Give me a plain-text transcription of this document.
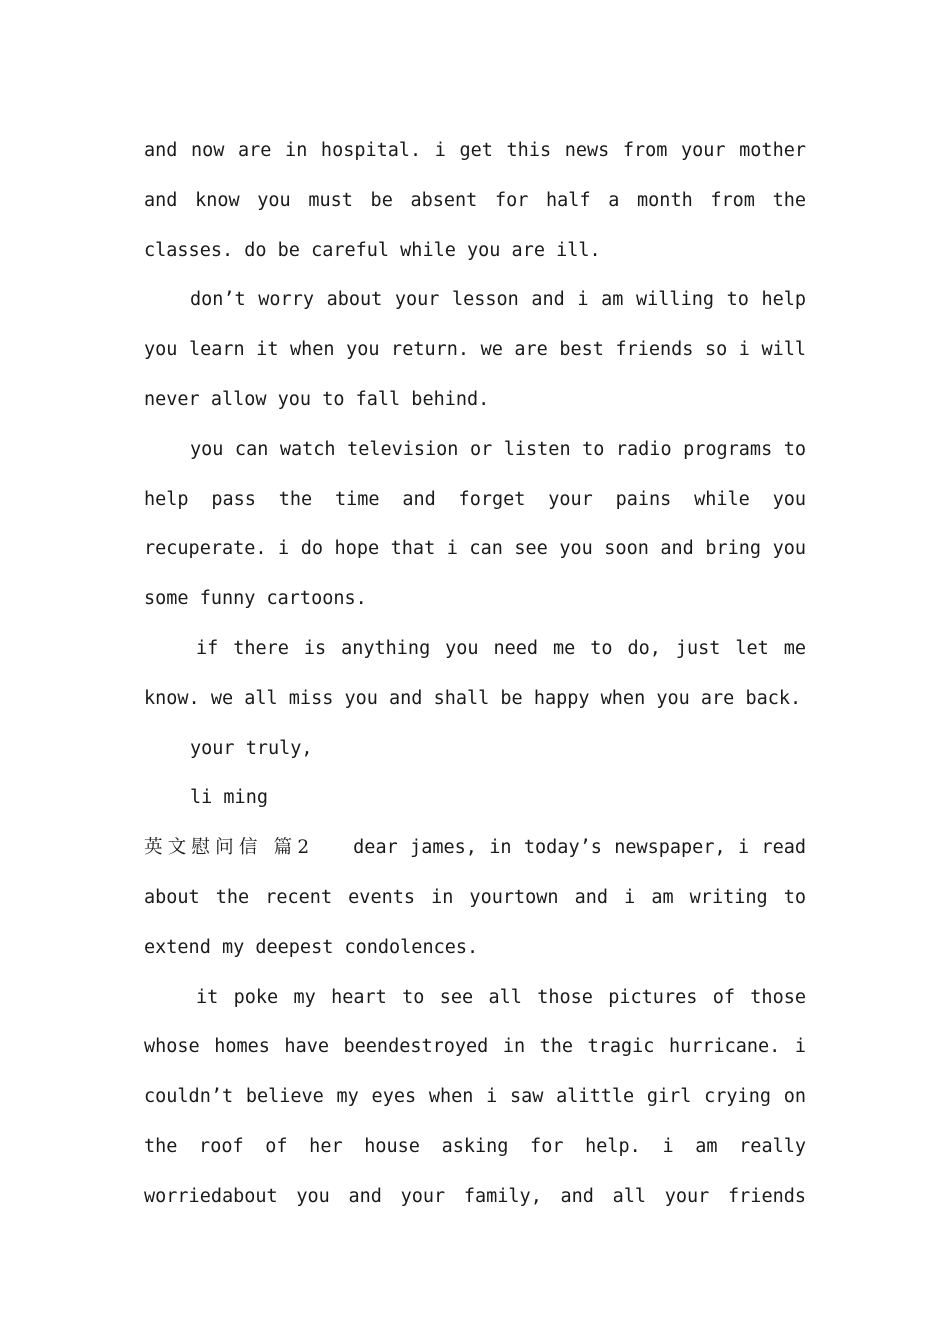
and now are in hospital. i get this news from your mother and know you must be absent for half a month from the classes. do be careful while you are ill.

don’t worry about your lesson and i am willing to help you learn it when you return. we are best friends so i will never allow you to fall behind.

you can watch television or listen to radio programs to help pass the time and forget your pains while you recuperate. i do hope that i can see you soon and bring you some funny cartoons.

if there is anything you need me to do, just let me know. we all miss you and shall be happy when you are back.

your truly,

li ming

英文慰问信 篇2 dear james, in today’s newspaper, i read about the recent events in yourtown and i am writing to extend my deepest condolences.

it poke my heart to see all those pictures of those whose homes have beendestroyed in the tragic hurricane. i couldn’t believe my eyes when i saw alittle girl crying on the roof of her house asking for help. i am really worriedabout you and your family, and all your friends
